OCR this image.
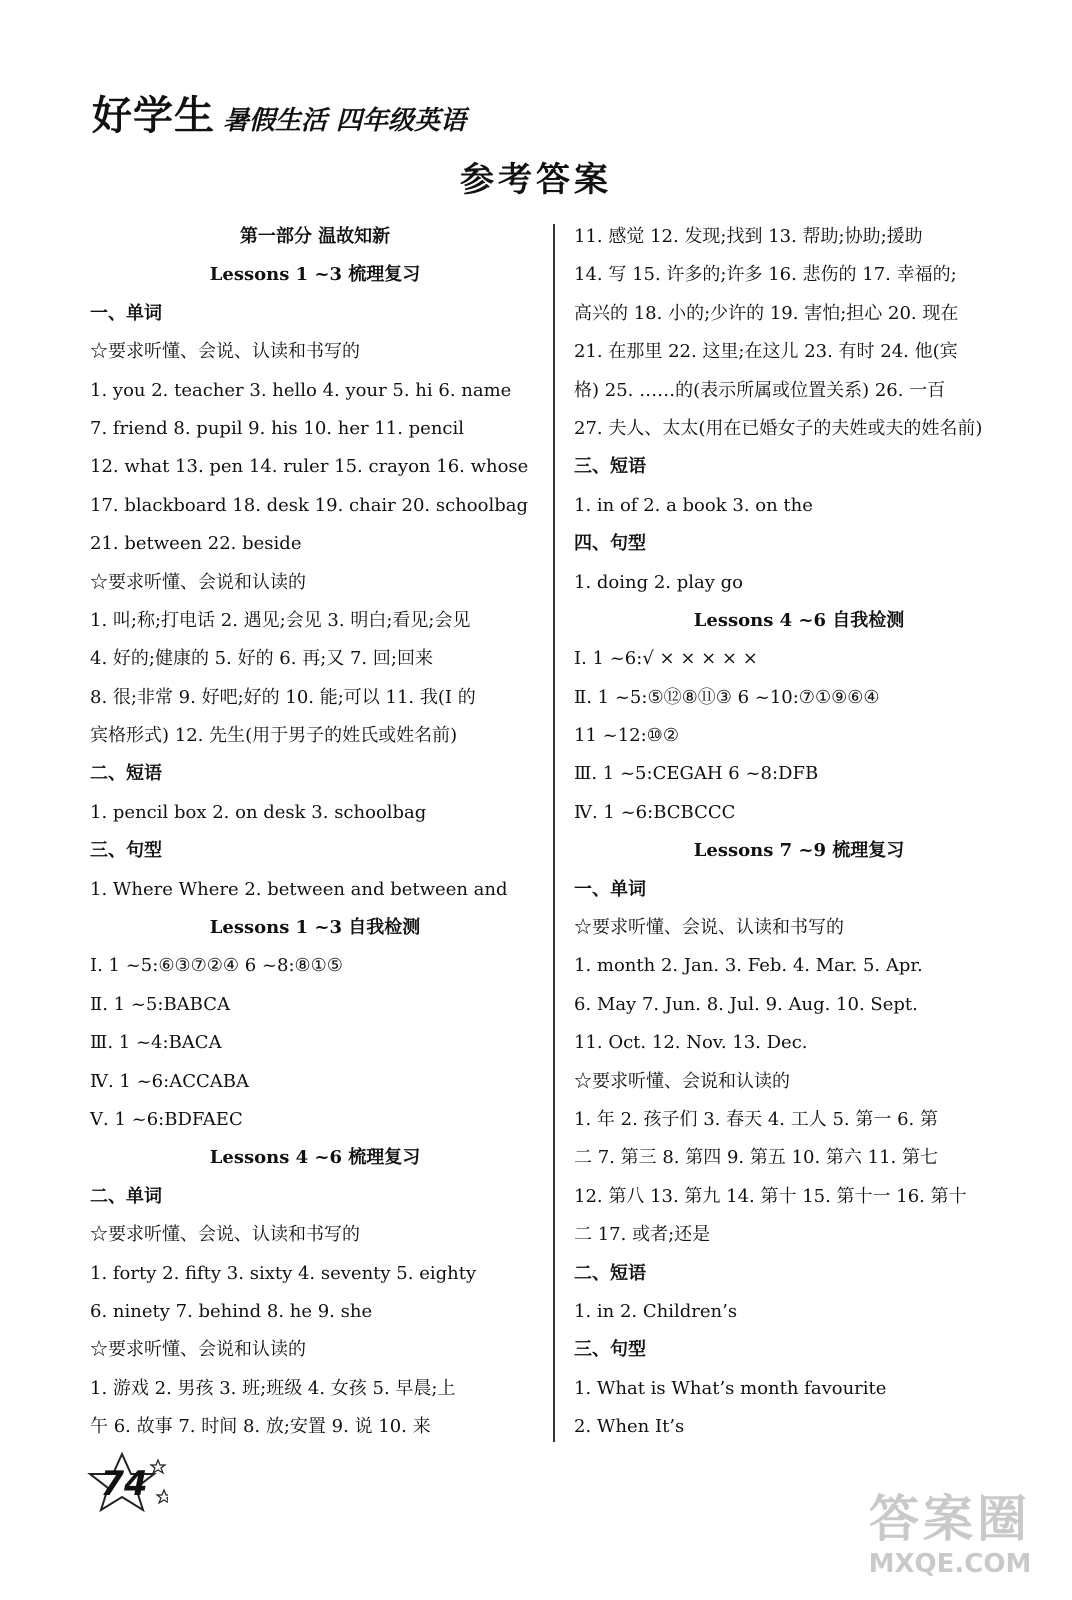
好学生 暑假生活 四年级英语
参考答案
第一部分 温故知新
Lessons 1 ~3 梳理复习
一、单词
☆要求听懂、会说、认读和书写的
1. you 2. teacher 3. hello 4. your 5. hi 6. name
7. friend 8. pupil 9. his 10. her 11. pencil
12. what 13. pen 14. ruler 15. crayon 16. whose
17. blackboard 18. desk 19. chair 20. schoolbag
21. between 22. beside
☆要求听懂、会说和认读的
1. 叫;称;打电话 2. 遇见;会见 3. 明白;看见;会见
4. 好的;健康的 5. 好的 6. 再;又 7. 回;回来
8. 很;非常 9. 好吧;好的 10. 能;可以 11. 我(I 的
宾格形式) 12. 先生(用于男子的姓氏或姓名前)
二、短语
1. pencil box 2. on desk 3. schoolbag
三、句型
1. Where Where 2. between and between and
Lessons 1 ~3 自我检测
Ⅰ. 1 ~5:⑥③⑦②④ 6 ~8:⑧①⑤
Ⅱ. 1 ~5:BABCA
Ⅲ. 1 ~4:BACA
Ⅳ. 1 ~6:ACCABA
Ⅴ. 1 ~6:BDFAEC
Lessons 4 ~6 梳理复习
二、单词
☆要求听懂、会说、认读和书写的
1. forty 2. fifty 3. sixty 4. seventy 5. eighty
6. ninety 7. behind 8. he 9. she
☆要求听懂、会说和认读的
1. 游戏 2. 男孩 3. 班;班级 4. 女孩 5. 早晨;上
午 6. 故事 7. 时间 8. 放;安置 9. 说 10. 来
11. 感觉 12. 发现;找到 13. 帮助;协助;援助
14. 写 15. 许多的;许多 16. 悲伤的 17. 幸福的;
高兴的 18. 小的;少许的 19. 害怕;担心 20. 现在
21. 在那里 22. 这里;在这儿 23. 有时 24. 他(宾
格) 25. ……的(表示所属或位置关系) 26. 一百
27. 夫人、太太(用在已婚女子的夫姓或夫的姓名前)
三、短语
1. in of 2. a book 3. on the
四、句型
1. doing 2. play go
Lessons 4 ~6 自我检测
Ⅰ. 1 ~6:√ × × × × ×
Ⅱ. 1 ~5:⑤⑫⑧⑪③ 6 ~10:⑦①⑨⑥④
11 ~12:⑩②
Ⅲ. 1 ~5:CEGAH 6 ~8:DFB
Ⅳ. 1 ~6:BCBCCC
Lessons 7 ~9 梳理复习
一、单词
☆要求听懂、会说、认读和书写的
1. month 2. Jan. 3. Feb. 4. Mar. 5. Apr.
6. May 7. Jun. 8. Jul. 9. Aug. 10. Sept.
11. Oct. 12. Nov. 13. Dec.
☆要求听懂、会说和认读的
1. 年 2. 孩子们 3. 春天 4. 工人 5. 第一 6. 第
二 7. 第三 8. 第四 9. 第五 10. 第六 11. 第七
12. 第八 13. 第九 14. 第十 15. 第十一 16. 第十
二 17. 或者;还是
二、短语
1. in 2. Children’s
三、句型
1. What is What’s month favourite
2. When It’s
74
答案圈
MXQE.COM
